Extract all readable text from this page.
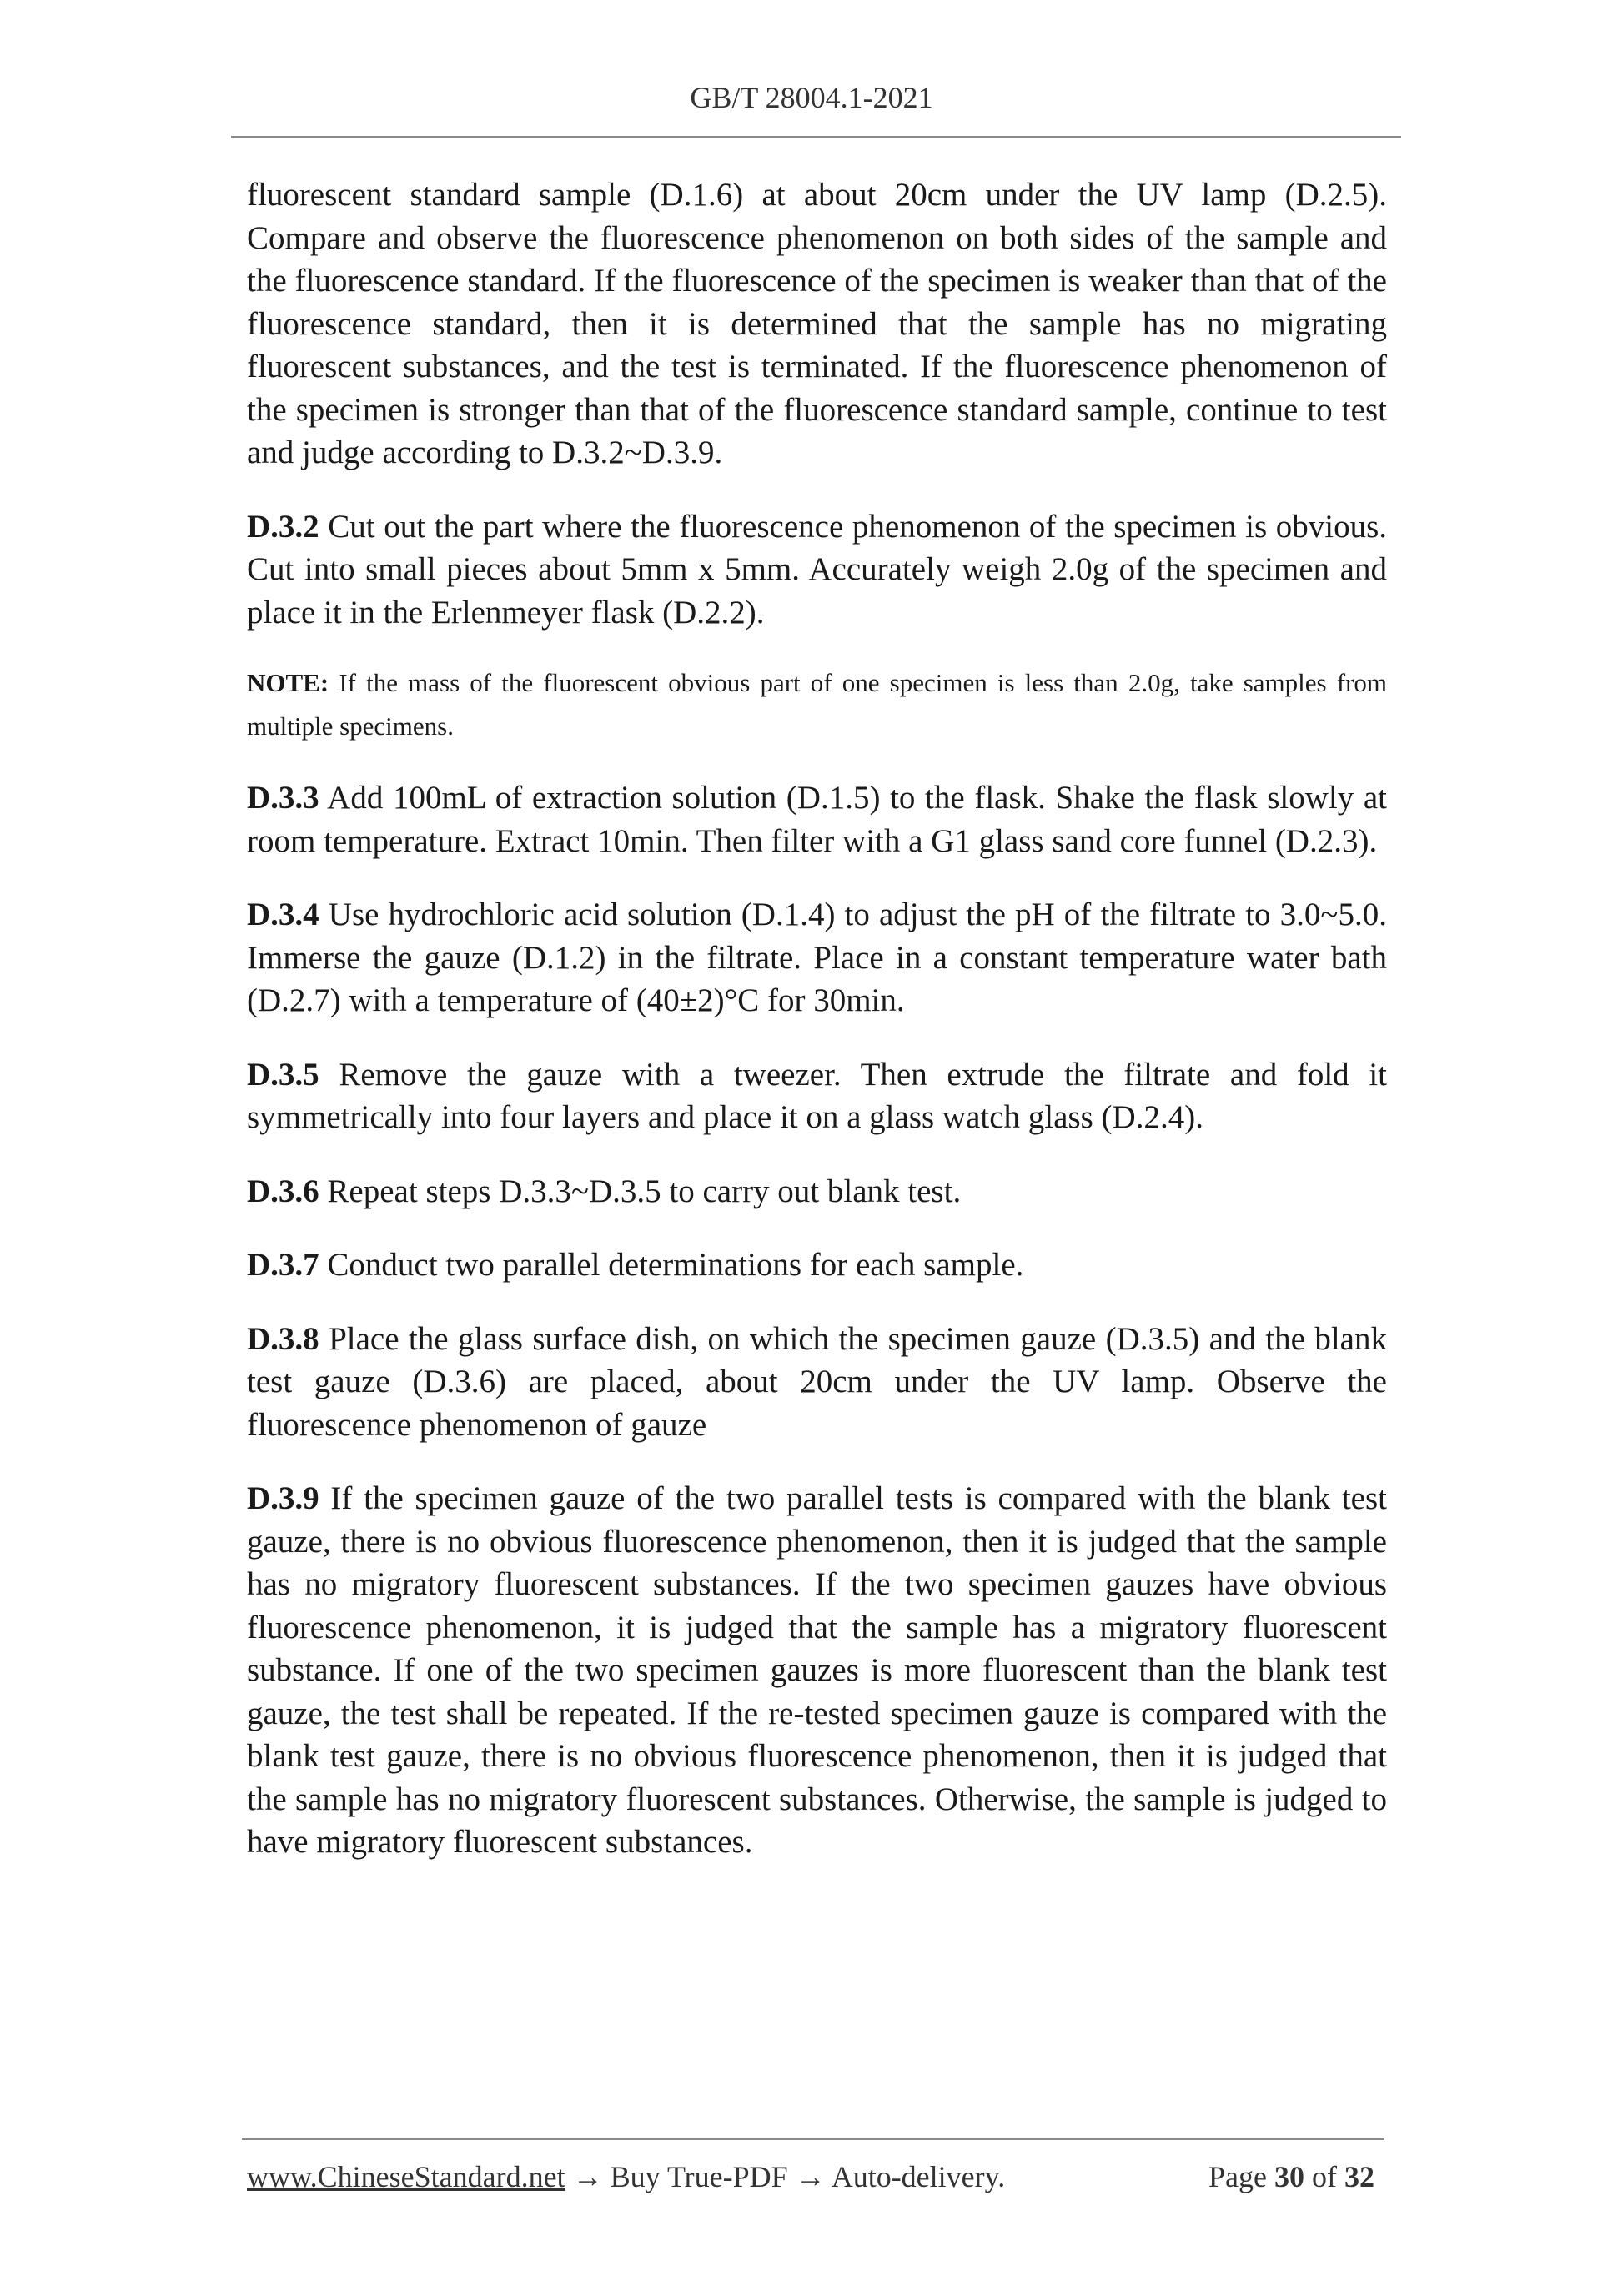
GB/T 28004.1-2021

fluorescent standard sample (D.1.6) at about 20cm under the UV lamp (D.2.5). Compare and observe the fluorescence phenomenon on both sides of the sample and the fluorescence standard. If the fluorescence of the specimen is weaker than that of the fluorescence standard, then it is determined that the sample has no migrating fluorescent substances, and the test is terminated. If the fluorescence phenomenon of the specimen is stronger than that of the fluorescence standard sample, continue to test and judge according to D.3.2~D.3.9.

D.3.2 Cut out the part where the fluorescence phenomenon of the specimen is obvious. Cut into small pieces about 5mm x 5mm. Accurately weigh 2.0g of the specimen and place it in the Erlenmeyer flask (D.2.2).

NOTE: If the mass of the fluorescent obvious part of one specimen is less than 2.0g, take samples from multiple specimens.

D.3.3 Add 100mL of extraction solution (D.1.5) to the flask. Shake the flask slowly at room temperature. Extract 10min. Then filter with a G1 glass sand core funnel (D.2.3).

D.3.4 Use hydrochloric acid solution (D.1.4) to adjust the pH of the filtrate to 3.0~5.0. Immerse the gauze (D.1.2) in the filtrate. Place in a constant temperature water bath (D.2.7) with a temperature of (40±2)°C for 30min.

D.3.5 Remove the gauze with a tweezer. Then extrude the filtrate and fold it symmetrically into four layers and place it on a glass watch glass (D.2.4).

D.3.6 Repeat steps D.3.3~D.3.5 to carry out blank test.

D.3.7 Conduct two parallel determinations for each sample.

D.3.8 Place the glass surface dish, on which the specimen gauze (D.3.5) and the blank test gauze (D.3.6) are placed, about 20cm under the UV lamp. Observe the fluorescence phenomenon of gauze

D.3.9 If the specimen gauze of the two parallel tests is compared with the blank test gauze, there is no obvious fluorescence phenomenon, then it is judged that the sample has no migratory fluorescent substances. If the two specimen gauzes have obvious fluorescence phenomenon, it is judged that the sample has a migratory fluorescent substance. If one of the two specimen gauzes is more fluorescent than the blank test gauze, the test shall be repeated. If the re-tested specimen gauze is compared with the blank test gauze, there is no obvious fluorescence phenomenon, then it is judged that the sample has no migratory fluorescent substances. Otherwise, the sample is judged to have migratory fluorescent substances.

www.ChineseStandard.net → Buy True-PDF → Auto-delivery.	Page 30 of 32
